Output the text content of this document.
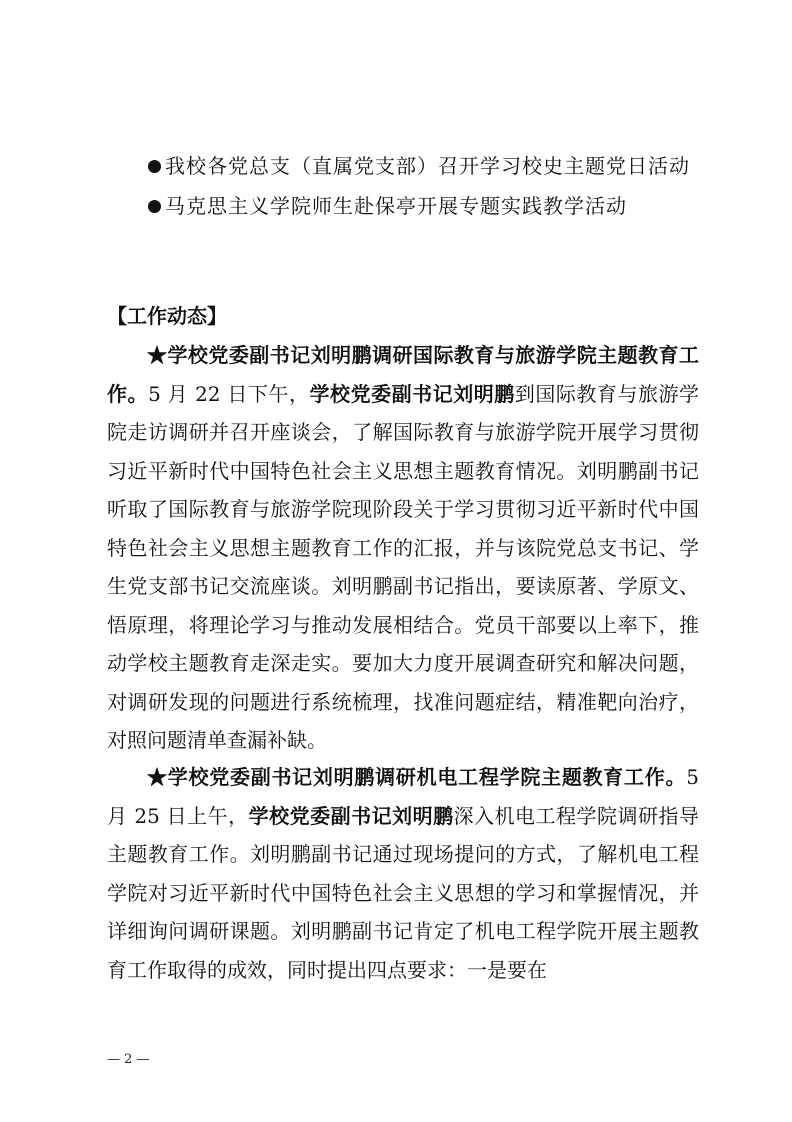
我校各党总支（直属党支部）召开学习校史主题党日活动
马克思主义学院师生赴保亭开展专题实践教学活动
【工作动态】

★学校党委副书记刘明鹏调研国际教育与旅游学院主题教育工作。5 月 22 日下午，学校党委副书记刘明鹏到国际教育与旅游学院走访调研并召开座谈会，了解国际教育与旅游学院开展学习贯彻习近平新时代中国特色社会主义思想主题教育情况。刘明鹏副书记听取了国际教育与旅游学院现阶段关于学习贯彻习近平新时代中国特色社会主义思想主题教育工作的汇报，并与该院党总支书记、学生党支部书记交流座谈。刘明鹏副书记指出，要读原著、学原文、悟原理，将理论学习与推动发展相结合。党员干部要以上率下，推动学校主题教育走深走实。要加大力度开展调查研究和解决问题，对调研发现的问题进行系统梳理，找准问题症结，精准靶向治疗，对照问题清单查漏补缺。

★学校党委副书记刘明鹏调研机电工程学院主题教育工作。5 月 25 日上午，学校党委副书记刘明鹏深入机电工程学院调研指导主题教育工作。刘明鹏副书记通过现场提问的方式，了解机电工程学院对习近平新时代中国特色社会主义思想的学习和掌握情况，并详细询问调研课题。刘明鹏副书记肯定了机电工程学院开展主题教育工作取得的成效，同时提出四点要求：一是要在

— 2 —
